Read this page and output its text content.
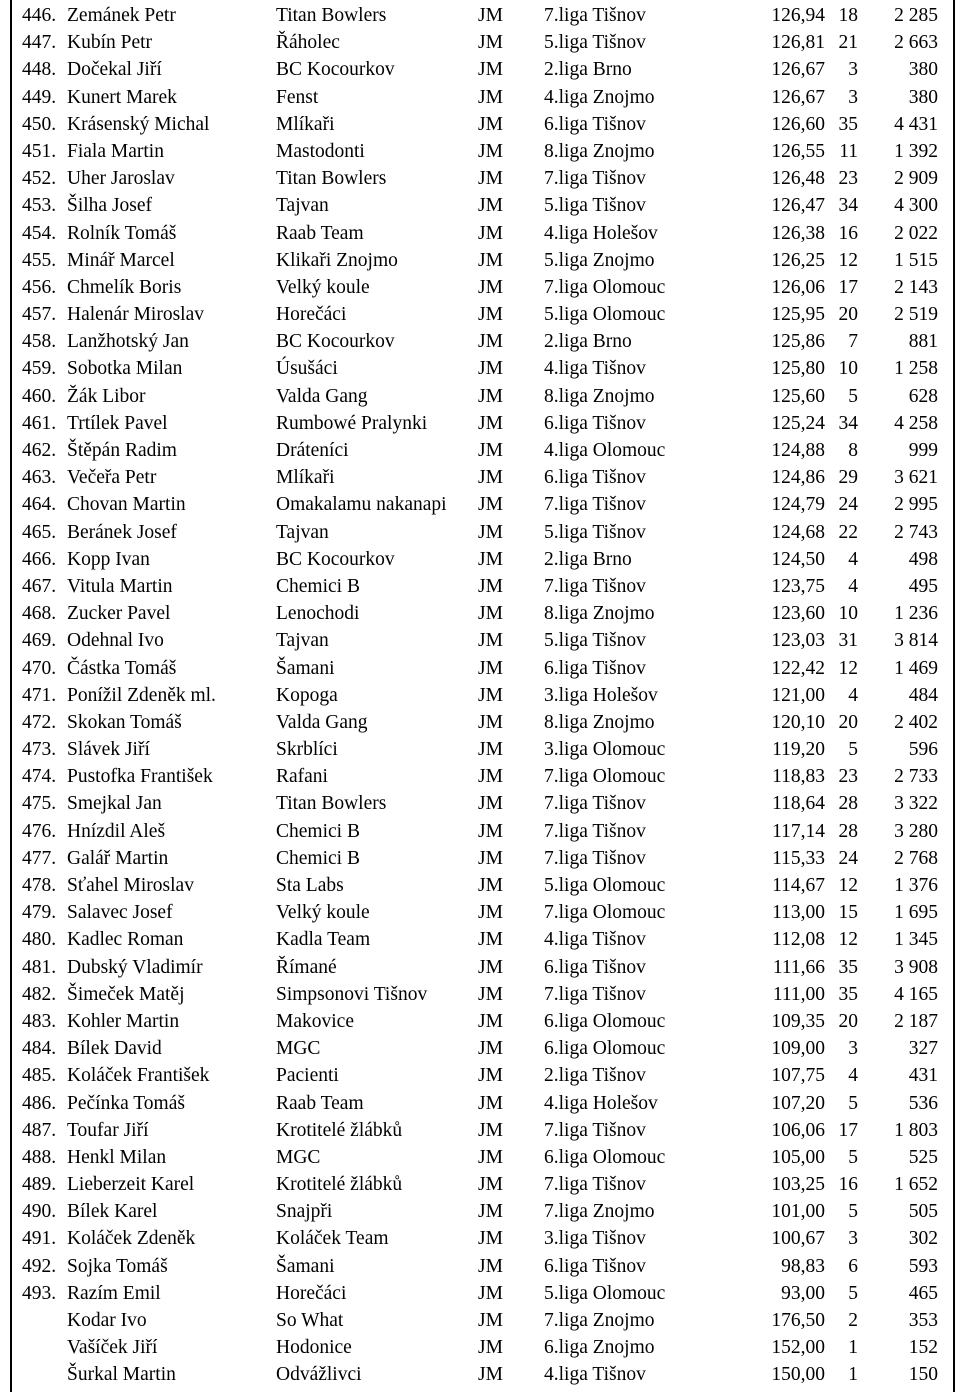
446. Zemánek Petr	Titan Bowlers	JM 7.liga Tišnov	126,94 18	2 285
447. Kubín Petr	Řáholec	JM 5.liga Tišnov	126,81 21	2 663
448. Dočekal Jiří	BC Kocourkov	JM 2.liga Brno	126,67	3	380
449. Kunert Marek	Fenst	JM 4.liga Znojmo	126,67	3	380
450. Krásenský Michal	Mlíkaři	JM 6.liga Tišnov	126,60 35	4 431
451. Fiala Martin	Mastodonti	JM 8.liga Znojmo	126,55 11	1 392
452. Uher Jaroslav	Titan Bowlers	JM 7.liga Tišnov	126,48 23	2 909
453. Šilha Josef	Tajvan	JM 5.liga Tišnov	126,47 34	4 300
454. Rolník Tomáš	Raab Team	JM 4.liga Holešov	126,38 16	2 022
455. Minář Marcel	Klikaři Znojmo	JM 5.liga Znojmo	126,25 12	1 515
456. Chmelík Boris	Velký koule	JM 7.liga Olomouc	126,06 17	2 143
457. Halenár Miroslav	Horečáci	JM 5.liga Olomouc	125,95 20	2 519
458. Lanžhotský Jan	BC Kocourkov	JM 2.liga Brno	125,86	7	881
459. Sobotka Milan	Úsušáci	JM 4.liga Tišnov	125,80 10	1 258
460. Žák Libor	Valda Gang	JM 8.liga Znojmo	125,60	5	628
461. Trtílek Pavel	Rumbowé Pralynki	JM 6.liga Tišnov	125,24 34	4 258
462. Štěpán Radim	Dráteníci	JM 4.liga Olomouc	124,88	8	999
463. Večeřa Petr	Mlíkaři	JM 6.liga Tišnov	124,86 29	3 621
464. Chovan Martin	Omakalamu nakanapi JM 7.liga Tišnov	124,79 24	2 995
465. Beránek Josef	Tajvan	JM 5.liga Tišnov	124,68 22	2 743
466. Kopp Ivan	BC Kocourkov	JM 2.liga Brno	124,50	4	498
467. Vitula Martin	Chemici B	JM 7.liga Tišnov	123,75	4	495
468. Zucker Pavel	Lenochodi	JM 8.liga Znojmo	123,60 10	1 236
469. Odehnal Ivo	Tajvan	JM 5.liga Tišnov	123,03 31	3 814
470. Částka Tomáš	Šamani	JM 6.liga Tišnov	122,42 12	1 469
471. Ponížil Zdeněk ml.	Kopoga	JM 3.liga Holešov	121,00	4	484
472. Skokan Tomáš	Valda Gang	JM 8.liga Znojmo	120,10 20	2 402
473. Slávek Jiří	Skrblíci	JM 3.liga Olomouc	119,20	5	596
474. Pustofka František	Rafani	JM 7.liga Olomouc	118,83 23	2 733
475. Smejkal Jan	Titan Bowlers	JM 7.liga Tišnov	118,64 28	3 322
476. Hnízdil Aleš	Chemici B	JM 7.liga Tišnov	117,14 28	3 280
477. Galář Martin	Chemici B	JM 7.liga Tišnov	115,33 24	2 768
478. Sťahel Miroslav	Sta Labs	JM 5.liga Olomouc	114,67 12	1 376
479. Salavec Josef	Velký koule	JM 7.liga Olomouc	113,00 15	1 695
480. Kadlec Roman	Kadla Team	JM 4.liga Tišnov	112,08 12	1 345
481. Dubský Vladimír	Římané	JM 6.liga Tišnov	111,66 35	3 908
482. Šimeček Matěj	Simpsonovi Tišnov	JM 7.liga Tišnov	111,00 35	4 165
483. Kohler Martin	Makovice	JM 6.liga Olomouc	109,35 20	2 187
484. Bílek David	MGC	JM 6.liga Olomouc	109,00	3	327
485. Koláček František	Pacienti	JM 2.liga Tišnov	107,75	4	431
486. Pečínka Tomáš	Raab Team	JM 4.liga Holešov	107,20	5	536
487. Toufar Jiří	Krotitelé žlábků	JM 7.liga Tišnov	106,06 17	1 803
488. Henkl Milan	MGC	JM 6.liga Olomouc	105,00	5	525
489. Lieberzeit Karel	Krotitelé žlábků	JM 7.liga Tišnov	103,25 16	1 652
490. Bílek Karel	Snajpři	JM 7.liga Znojmo	101,00	5	505
491. Koláček Zdeněk	Koláček Team	JM 3.liga Tišnov	100,67	3	302
492. Sojka Tomáš	Šamani	JM 6.liga Tišnov	98,83	6	593
493. Razím Emil	Horečáci	JM 5.liga Olomouc	93,00	5	465
Kodar Ivo	So What	JM 7.liga Znojmo	176,50	2	353
Vašíček Jiří	Hodonice	JM 6.liga Znojmo	152,00	1	152
Šurkal Martin	Odvážlivci	JM 4.liga Tišnov	150,00	1	150
